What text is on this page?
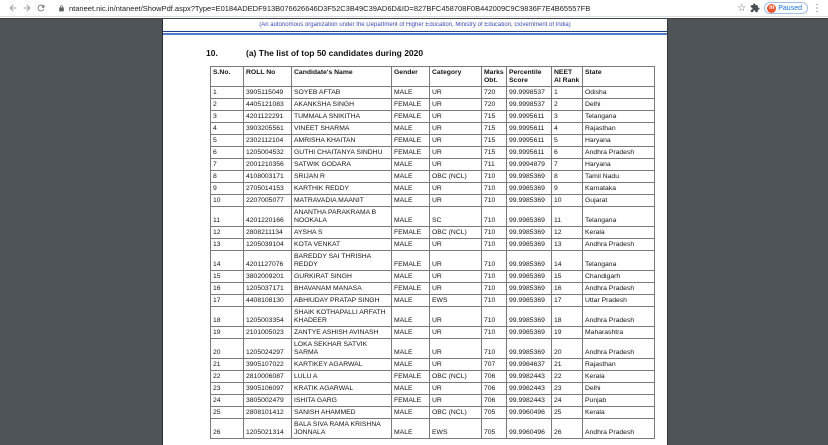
ntaneet.nic.in/ntaneet/ShowPdf.aspx?Type=E0184ADEDF913B076626646D3F52C3B49C39AD6D&ID=827BFC458708F0B442009C9C9836F7E4B65557FB	☆	m Paused ⋮
(An autonomous organization under the Department of Higher Education, Ministry of Education, Government of India)
10.	(a) The list of top 50 candidates during 2020
S.No.	ROLL No	Candidate's Name	Gender	Category	Marks Obt.	Percentile Score	NEET AI Rank	State
1	3905115049	SOYEB AFTAB	MALE	UR	720	99.9998537	1	Odisha
2	4405121083	AKANKSHA SINGH	FEMALE	UR	720	99.9998537	2	Delhi
3	4201122291	TUMMALA SNIKITHA	FEMALE	UR	715	99.9995611	3	Telangana
4	3903205561	VINEET SHARMA	MALE	UR	715	99.9995611	4	Rajasthan
5	2302112104	AMRISHA KHAITAN	FEMALE	UR	715	99.9995611	5	Haryana
6	1205004532	GUTHI CHAITANYA SINDHU	FEMALE	UR	715	99.9995611	6	Andhra Pradesh
7	2001210356	SATWIK GODARA	MALE	UR	711	99.9994879	7	Haryana
8	4108003171	SRIJAN R	MALE	OBC (NCL)	710	99.9985369	8	Tamil Nadu
9	2705014153	KARTHIK REDDY	MALE	UR	710	99.9985369	9	Karnataka
10	2207005077	MATRAVADIA MAANIT	MALE	UR	710	99.9985369	10	Gujarat
11	4201220166	ANANTHA PARAKRAMA B NOOKALA	MALE	SC	710	99.9985369	11	Telangana
12	2808211134	AYSHA S	FEMALE	OBC (NCL)	710	99.9985369	12	Kerala
13	1205039104	KOTA VENKAT	MALE	UR	710	99.9985369	13	Andhra Pradesh
14	4201127076	BAREDDY SAI THRISHA REDDY	FEMALE	UR	710	99.9985369	14	Telangana
15	3802009201	GURKIRAT SINGH	MALE	UR	710	99.9985369	15	Chandigarh
16	1205037171	BHAVANAM MANASA	FEMALE	UR	710	99.9985369	16	Andhra Pradesh
17	4408108130	ABHIUDAY PRATAP SINGH	MALE	EWS	710	99.9985369	17	Uttar Pradesh
18	1205003354	SHAIK KOTHAPALLI ARFATH KHADEER	MALE	UR	710	99.9985369	18	Andhra Pradesh
19	2101005023	ZANTYE ASHISH AVINASH	MALE	UR	710	99.9985369	19	Maharashtra
20	1205024297	LOKA SEKHAR SATVIK SARMA	MALE	UR	710	99.9985369	20	Andhra Pradesh
21	3905107022	KARTIKEY AGARWAL	MALE	UR	707	99.9984637	21	Rajasthan
22	2810006087	LULU A	FEMALE	OBC (NCL)	706	99.9982443	22	Kerala
23	3905106097	KRATIK AGARWAL	MALE	UR	706	99.9982443	23	Delhi
24	3805002479	ISHITA GARG	FEMALE	UR	706	99.9982443	24	Punjab
25	2808101412	SANISH AHAMMED	MALE	OBC (NCL)	705	99.9960496	25	Kerala
26	1205021314	BALA SIVA RAMA KRISHNA JONNALA	MALE	EWS	705	99.9960496	26	Andhra Pradesh
